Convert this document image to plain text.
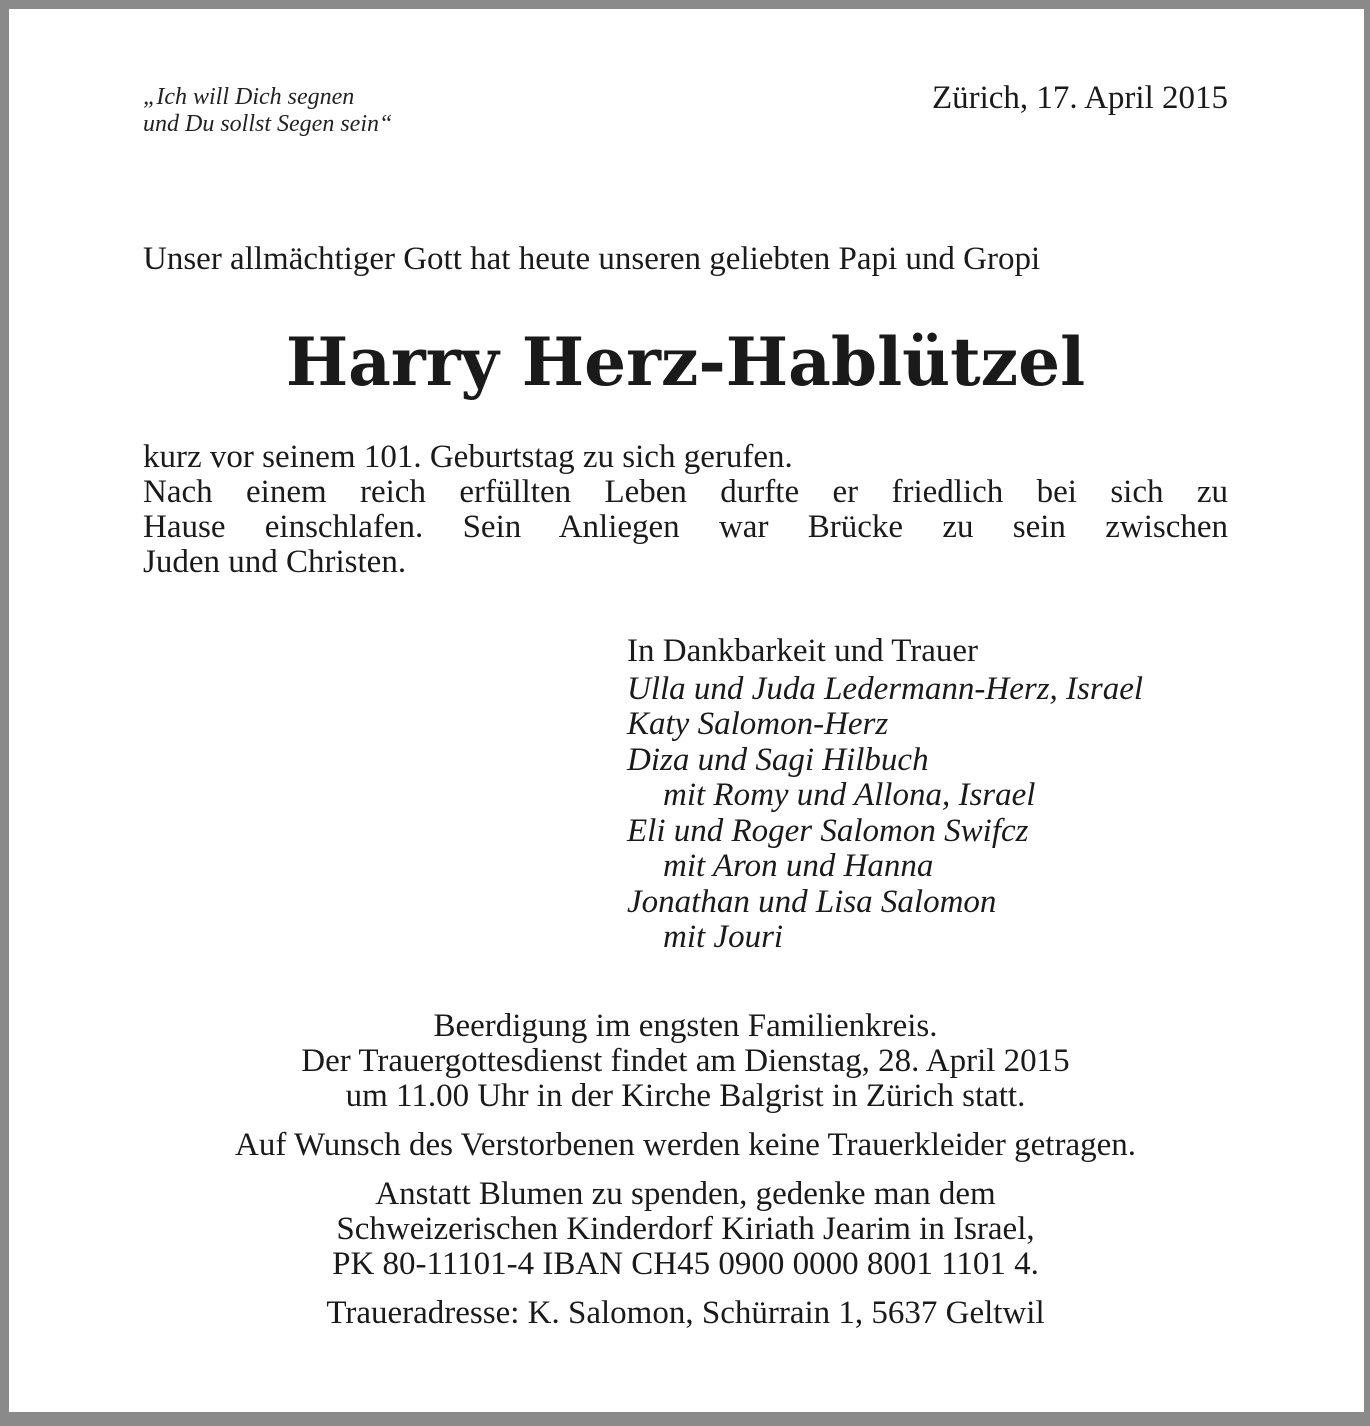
„Ich will Dich segnen
und Du sollst Segen sein“
Zürich, 17. April 2015
Unser allmächtiger Gott hat heute unseren geliebten Papi und Gropi
Harry Herz-Hablützel
kurz vor seinem 101. Geburtstag zu sich gerufen.
Nach einem reich erfüllten Leben durfte er friedlich bei sich zu
Hause einschlafen. Sein Anliegen war Brücke zu sein zwischen
Juden und Christen.
In Dankbarkeit und Trauer
Ulla und Juda Ledermann-Herz, Israel
Katy Salomon-Herz
Diza und Sagi Hilbuch
mit Romy und Allona, Israel
Eli und Roger Salomon Swifcz
mit Aron und Hanna
Jonathan und Lisa Salomon
mit Jouri
Beerdigung im engsten Familienkreis.
Der Trauergottesdienst findet am Dienstag, 28. April 2015
um 11.00 Uhr in der Kirche Balgrist in Zürich statt.
Auf Wunsch des Verstorbenen werden keine Trauerkleider getragen.
Anstatt Blumen zu spenden, gedenke man dem
Schweizerischen Kinderdorf Kiriath Jearim in Israel,
PK 80-11101-4 IBAN CH45 0900 0000 8001 1101 4.
Traueradresse: K. Salomon, Schürrain 1, 5637 Geltwil
